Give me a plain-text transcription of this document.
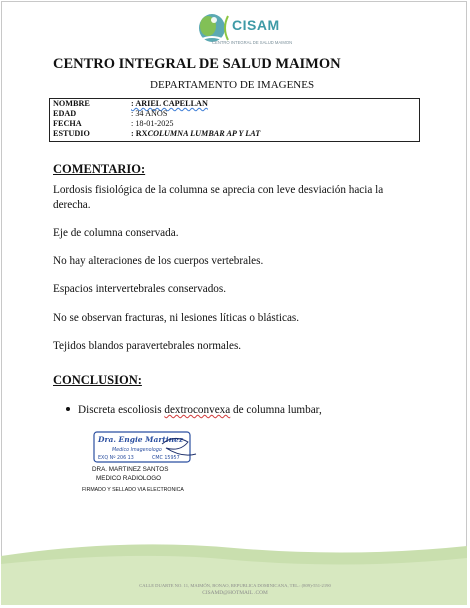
CISAM
CENTRO INTEGRAL DE SALUD MAIMON
CENTRO INTEGRAL DE SALUD MAIMON
DEPARTAMENTO DE IMAGENES
NOMBRE	: ARIEL CAPELLAN
EDAD	: 34 AÑOS
FECHA	: 18-01-2025
ESTUDIO	: RXCOLUMNA LUMBAR AP Y LAT
COMENTARIO:
Lordosis fisiológica de la columna se aprecia con leve desviación hacia la derecha.
Eje de columna conservada.
No hay alteraciones de los cuerpos vertebrales.
Espacios intervertebrales conservados.
No se observan fracturas, ni lesiones líticas o blásticas.
Tejidos blandos paravertebrales normales.
CONCLUSION:
Discreta escoliosis dextroconvexa de columna lumbar,
Dra. Engie Martinez
Medico Imagenologo
EXQ Nº 206 13	CMC 15957
DRA. MARTINEZ SANTOS
MEDICO RADIOLOGO
FIRMADO Y SELLADO VIA ELECTRONICA
CALLE DUARTE NO. 11, MAIMÓN, BONAO, REPUBLICA DOMINICANA, TEL.: (809)-551-2190
CISAMD@HOTMAIL .COM
